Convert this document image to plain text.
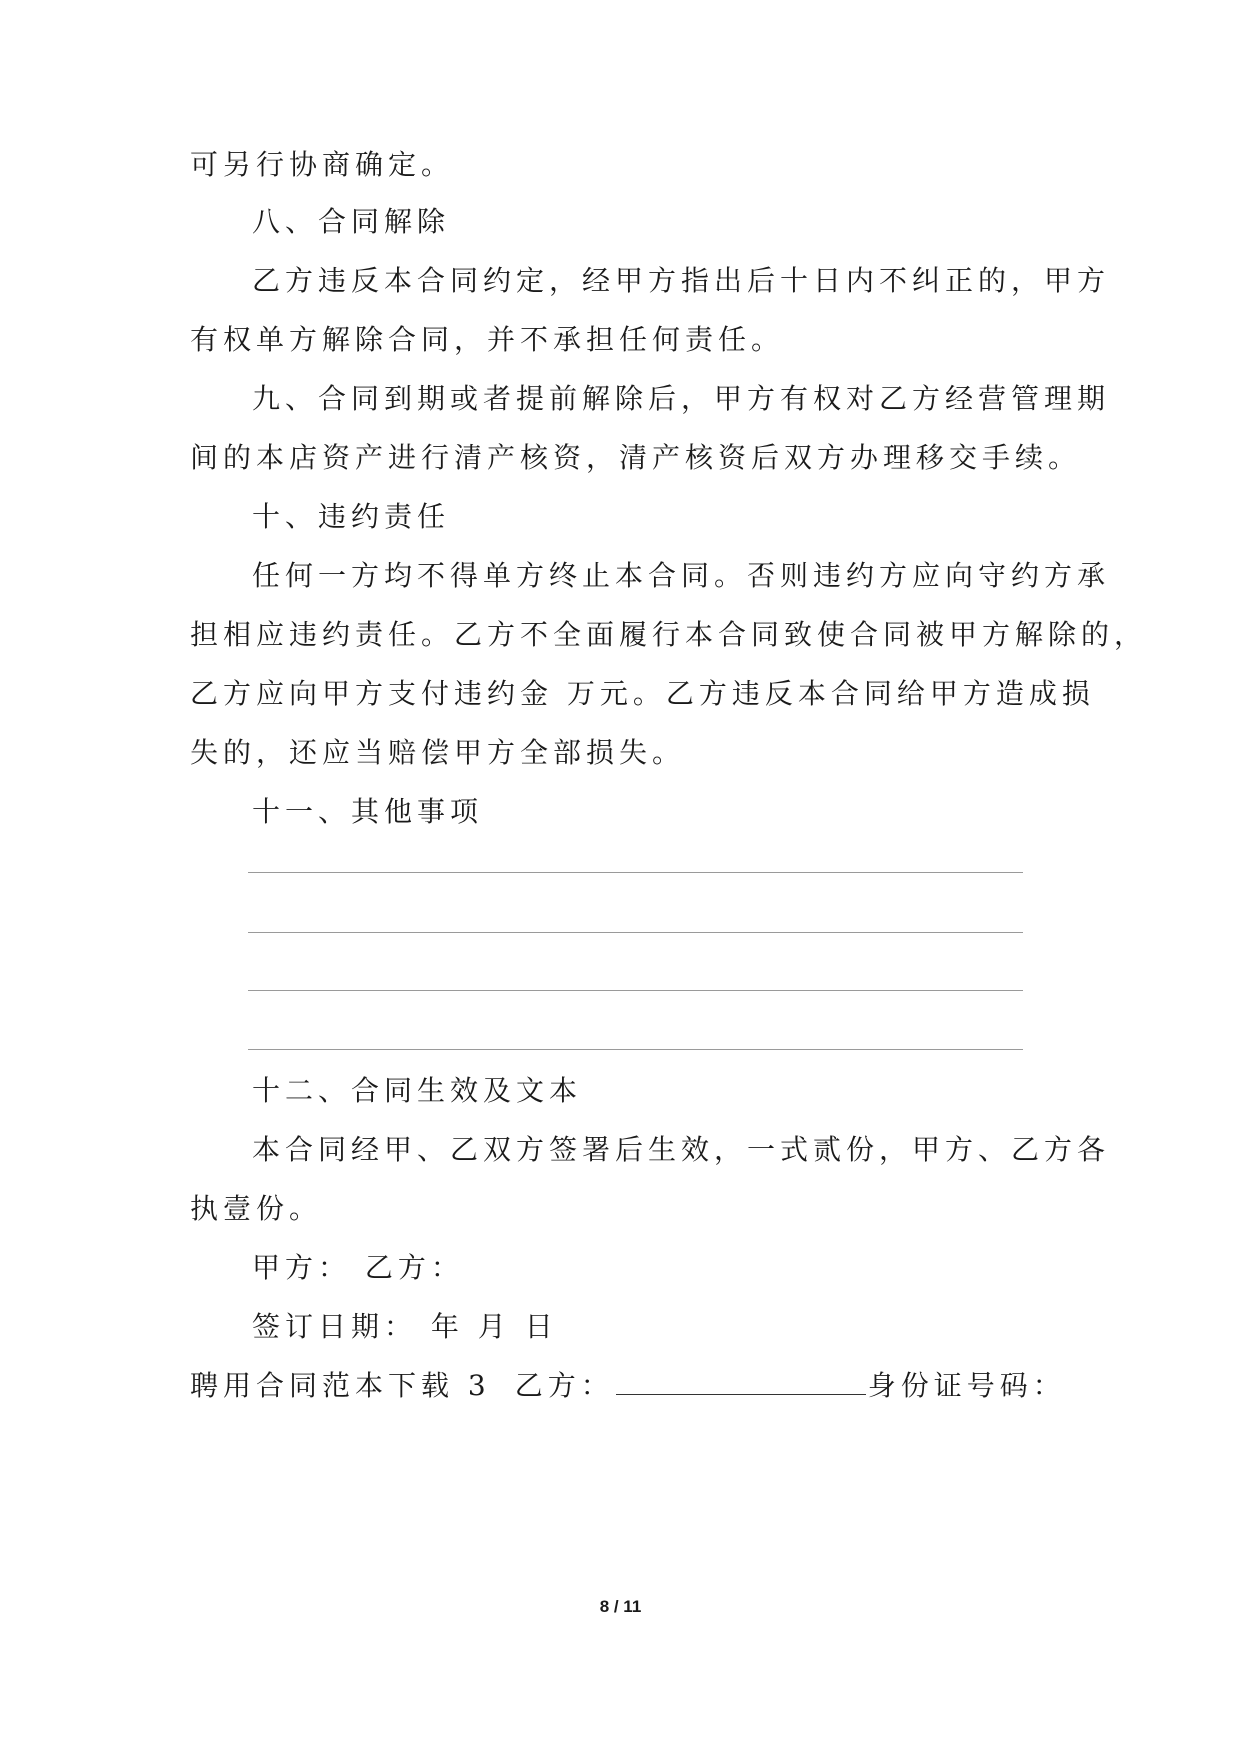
可另行协商确定。
八、合同解除
乙方违反本合同约定，经甲方指出后十日内不纠正的，甲方
有权单方解除合同，并不承担任何责任。
九、合同到期或者提前解除后，甲方有权对乙方经营管理期
间的本店资产进行清产核资，清产核资后双方办理移交手续。
十、违约责任
任何一方均不得单方终止本合同。否则违约方应向守约方承
担相应违约责任。乙方不全面履行本合同致使合同被甲方解除的，
乙方应向甲方支付违约金 万元。乙方违反本合同给甲方造成损
失的，还应当赔偿甲方全部损失。
十一、其他事项
十二、合同生效及文本
本合同经甲、乙双方签署后生效，一式贰份，甲方、乙方各
执壹份。
甲方： 乙方：
签订日期： 年 月 日
聘用合同范本下载 3 乙方：	身份证号码：
8 / 11
